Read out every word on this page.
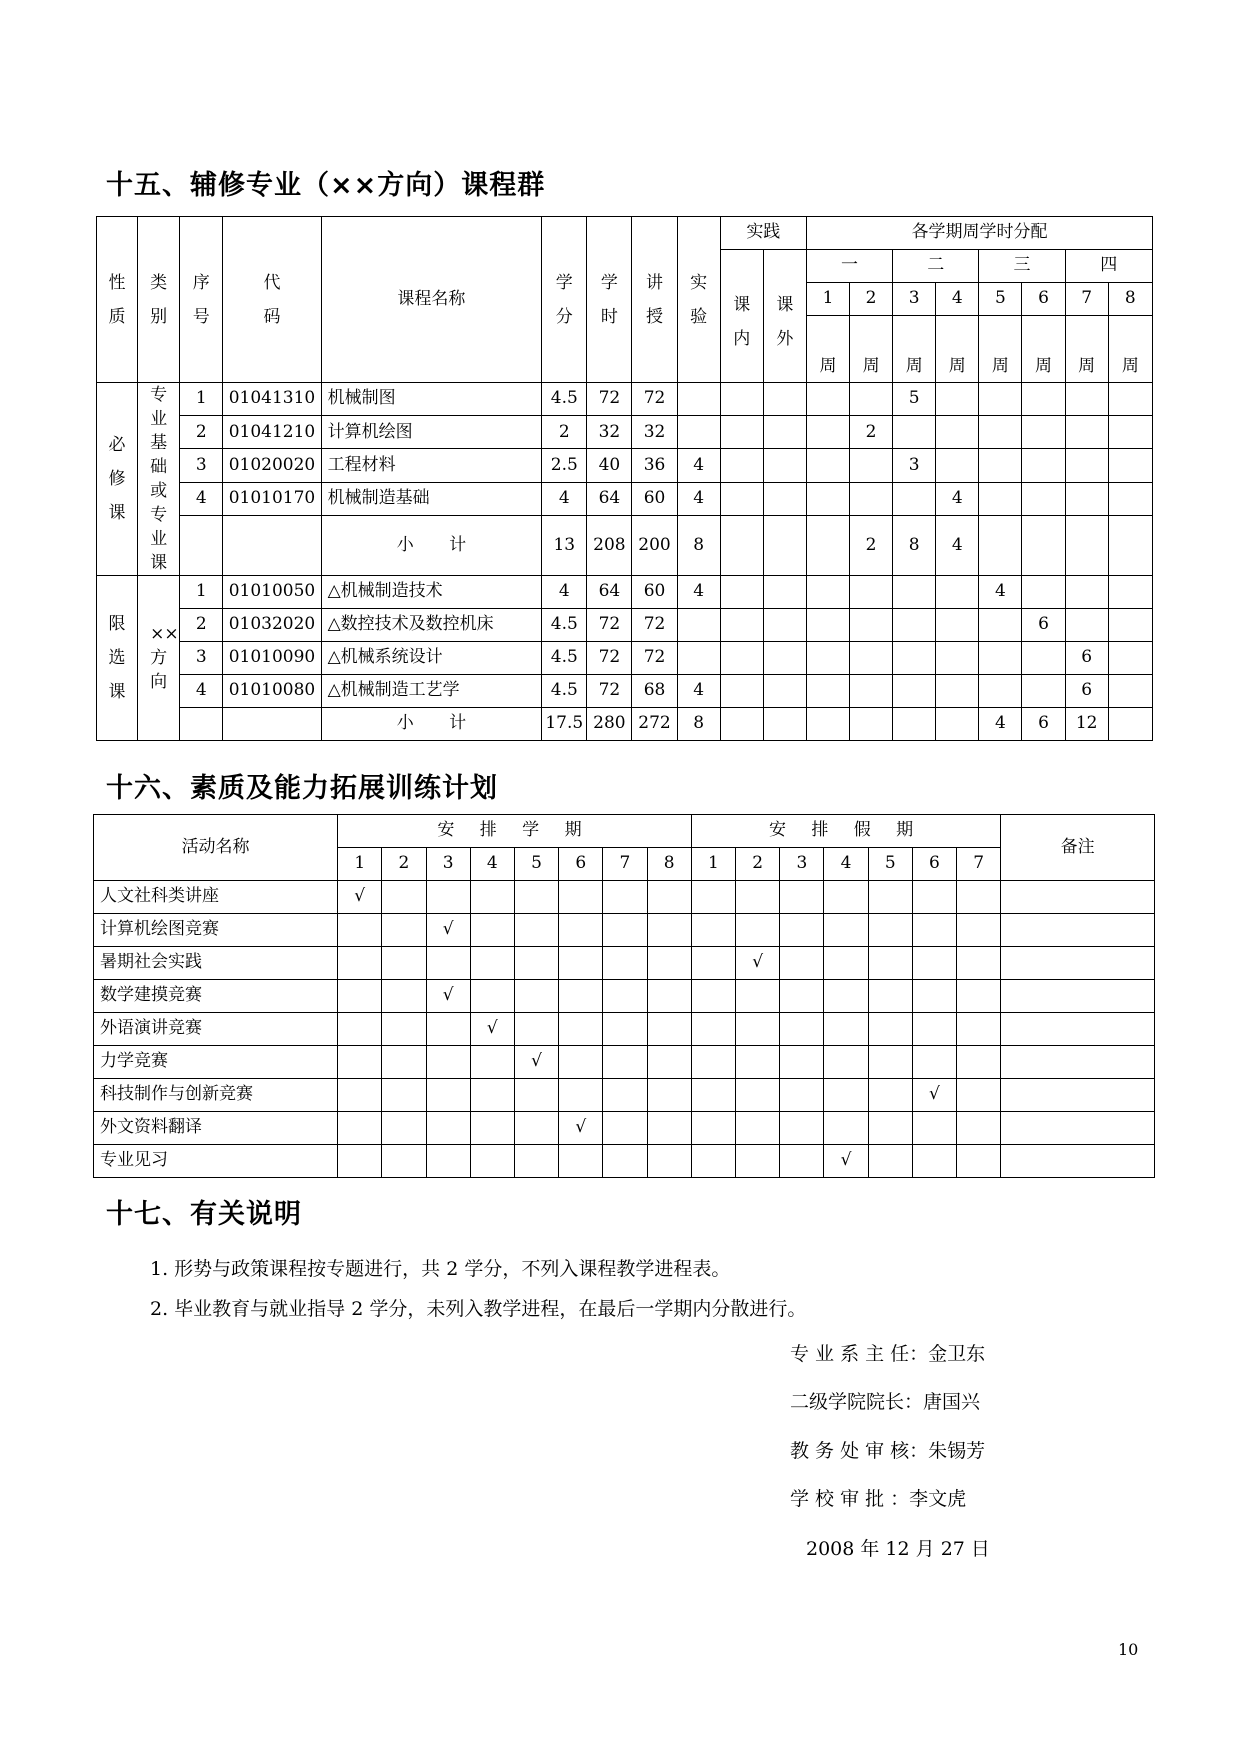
十五、辅修专业（××方向）课程群
性质	类别	序号	代码	课程名称	学分	学时	讲授	实验	实践		各学期周学时分配							
									课内	课外	一		二		三		四	
											1	2	3	4	5	6	7	8
											周	周	周	周	周	周	周	周
必修课	专业基础或专业课	1	01041310	机械制图	4.5	72	72						5					
		2	01041210	计算机绘图	2	32	32					2						
		3	01020020	工程材料	2.5	40	36	4					3					
		4	01010170	机械制造基础	4	64	60	4						4				
				小 计	13	208	200	8				2	8	4				
限选课	××方向	1	01010050	△机械制造技术	4	64	60	4							4			
		2	01032020	△数控技术及数控机床	4.5	72	72									6		
		3	01010090	△机械系统设计	4.5	72	72										6	
		4	01010080	△机械制造工艺学	4.5	72	68	4									6	
				小 计	17.5	280	272	8							4	6	12	
十六、素质及能力拓展训练计划
活动名称	安 排 学 期								安 排 假 期							备注
	1	2	3	4	5	6	7	8	1	2	3	4	5	6	7	
人文社科类讲座	√															
计算机绘图竞赛			√													
暑期社会实践										√						
数学建摸竞赛			√													
外语演讲竞赛				√												
力学竞赛					√											
科技制作与创新竞赛														√		
外文资料翻译						√										
专业见习												√				
十七、有关说明
1. 形势与政策课程按专题进行，共 2 学分，不列入课程教学进程表。
2. 毕业教育与就业指导 2 学分，未列入教学进程，在最后一学期内分散进行。
专 业 系 主 任：金卫东
二级学院院长：唐国兴
教 务 处 审 核：朱锡芳
学 校 审 批 ：李文虎
2008 年 12 月 27 日
10
